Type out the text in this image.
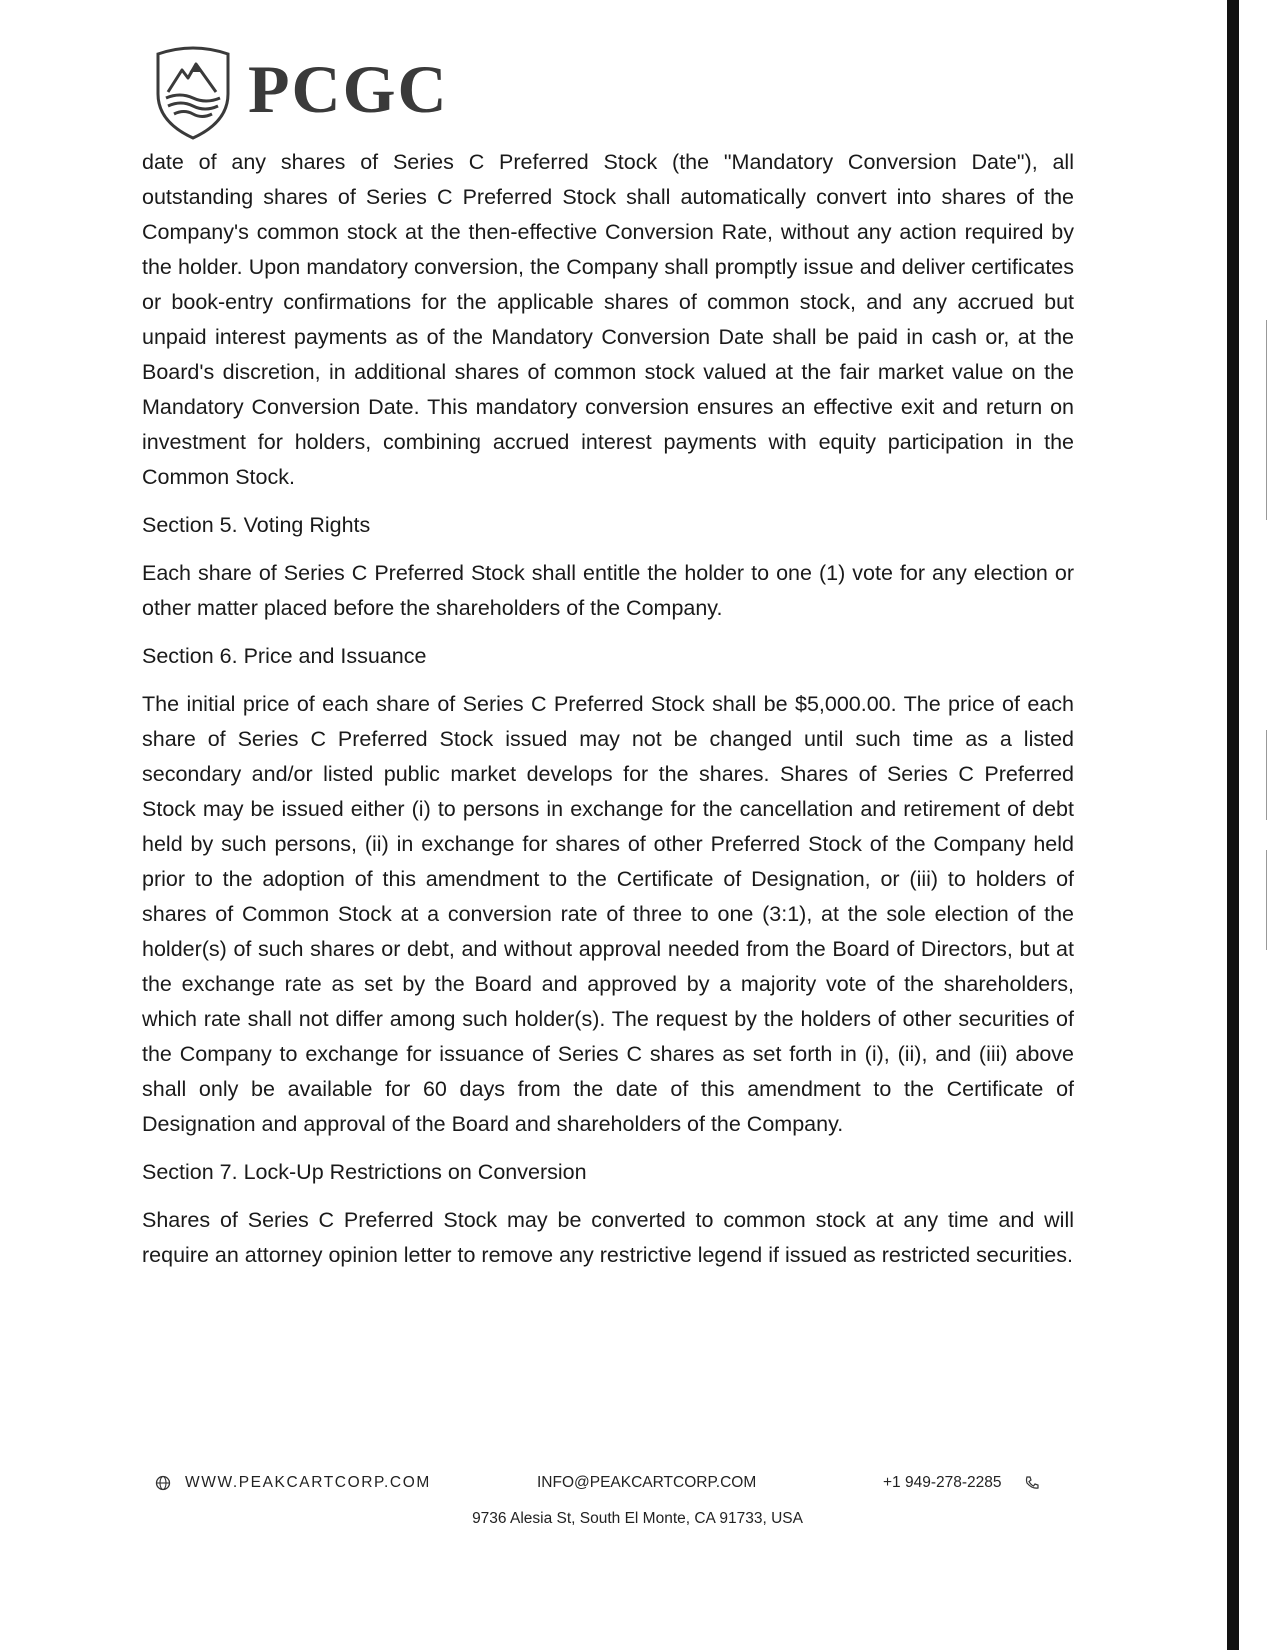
PCGC

date of any shares of Series C Preferred Stock (the "Mandatory Conversion Date"), all outstanding shares of Series C Preferred Stock shall automatically convert into shares of the Company's common stock at the then-effective Conversion Rate, without any action required by the holder. Upon mandatory conversion, the Company shall promptly issue and deliver certificates or book-entry confirmations for the applicable shares of common stock, and any accrued but unpaid interest payments as of the Mandatory Conversion Date shall be paid in cash or, at the Board's discretion, in additional shares of common stock valued at the fair market value on the Mandatory Conversion Date. This mandatory conversion ensures an effective exit and return on investment for holders, combining accrued interest payments with equity participation in the Common Stock.

Section 5. Voting Rights

Each share of Series C Preferred Stock shall entitle the holder to one (1) vote for any election or other matter placed before the shareholders of the Company.

Section 6. Price and Issuance

The initial price of each share of Series C Preferred Stock shall be $5,000.00. The price of each share of Series C Preferred Stock issued may not be changed until such time as a listed secondary and/or listed public market develops for the shares. Shares of Series C Preferred Stock may be issued either (i) to persons in exchange for the cancellation and retirement of debt held by such persons, (ii) in exchange for shares of other Preferred Stock of the Company held prior to the adoption of this amendment to the Certificate of Designation, or (iii) to holders of shares of Common Stock at a conversion rate of three to one (3:1), at the sole election of the holder(s) of such shares or debt, and without approval needed from the Board of Directors, but at the exchange rate as set by the Board and approved by a majority vote of the shareholders, which rate shall not differ among such holder(s). The request by the holders of other securities of the Company to exchange for issuance of Series C shares as set forth in (i), (ii), and (iii) above shall only be available for 60 days from the date of this amendment to the Certificate of Designation and approval of the Board and shareholders of the Company.

Section 7. Lock-Up Restrictions on Conversion

Shares of Series C Preferred Stock may be converted to common stock at any time and will require an attorney opinion letter to remove any restrictive legend if issued as restricted securities.

WWW.PEAKCARTCORP.COM	INFO@PEAKCARTCORP.COM	+1 949-278-2285
9736 Alesia St, South El Monte, CA 91733, USA
